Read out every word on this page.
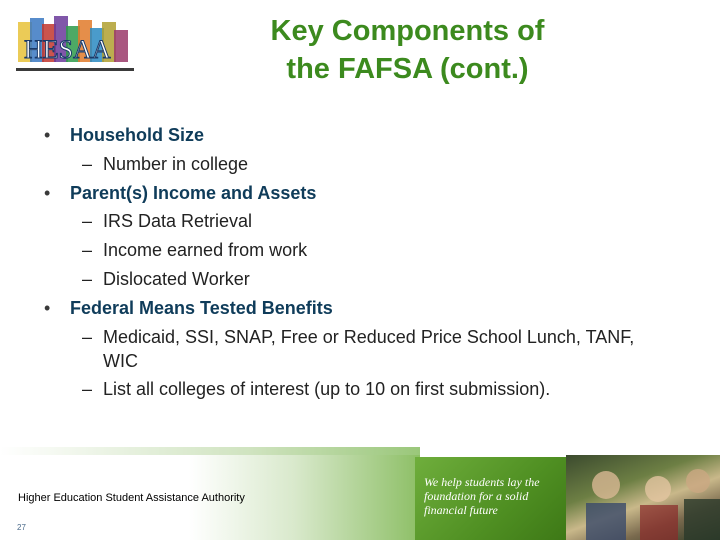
HESAA
Key Components of
the FAFSA (cont.)
• Household Size
– Number in college
• Parent(s) Income and Assets
– IRS Data Retrieval
– Income earned from work
– Dislocated Worker
• Federal Means Tested Benefits
– Medicaid, SSI, SNAP, Free or Reduced Price School Lunch, TANF,
WIC
– List all colleges of interest (up to 10 on first submission).
We help students lay the
foundation for a solid
financial future
Higher Education Student Assistance Authority
27
